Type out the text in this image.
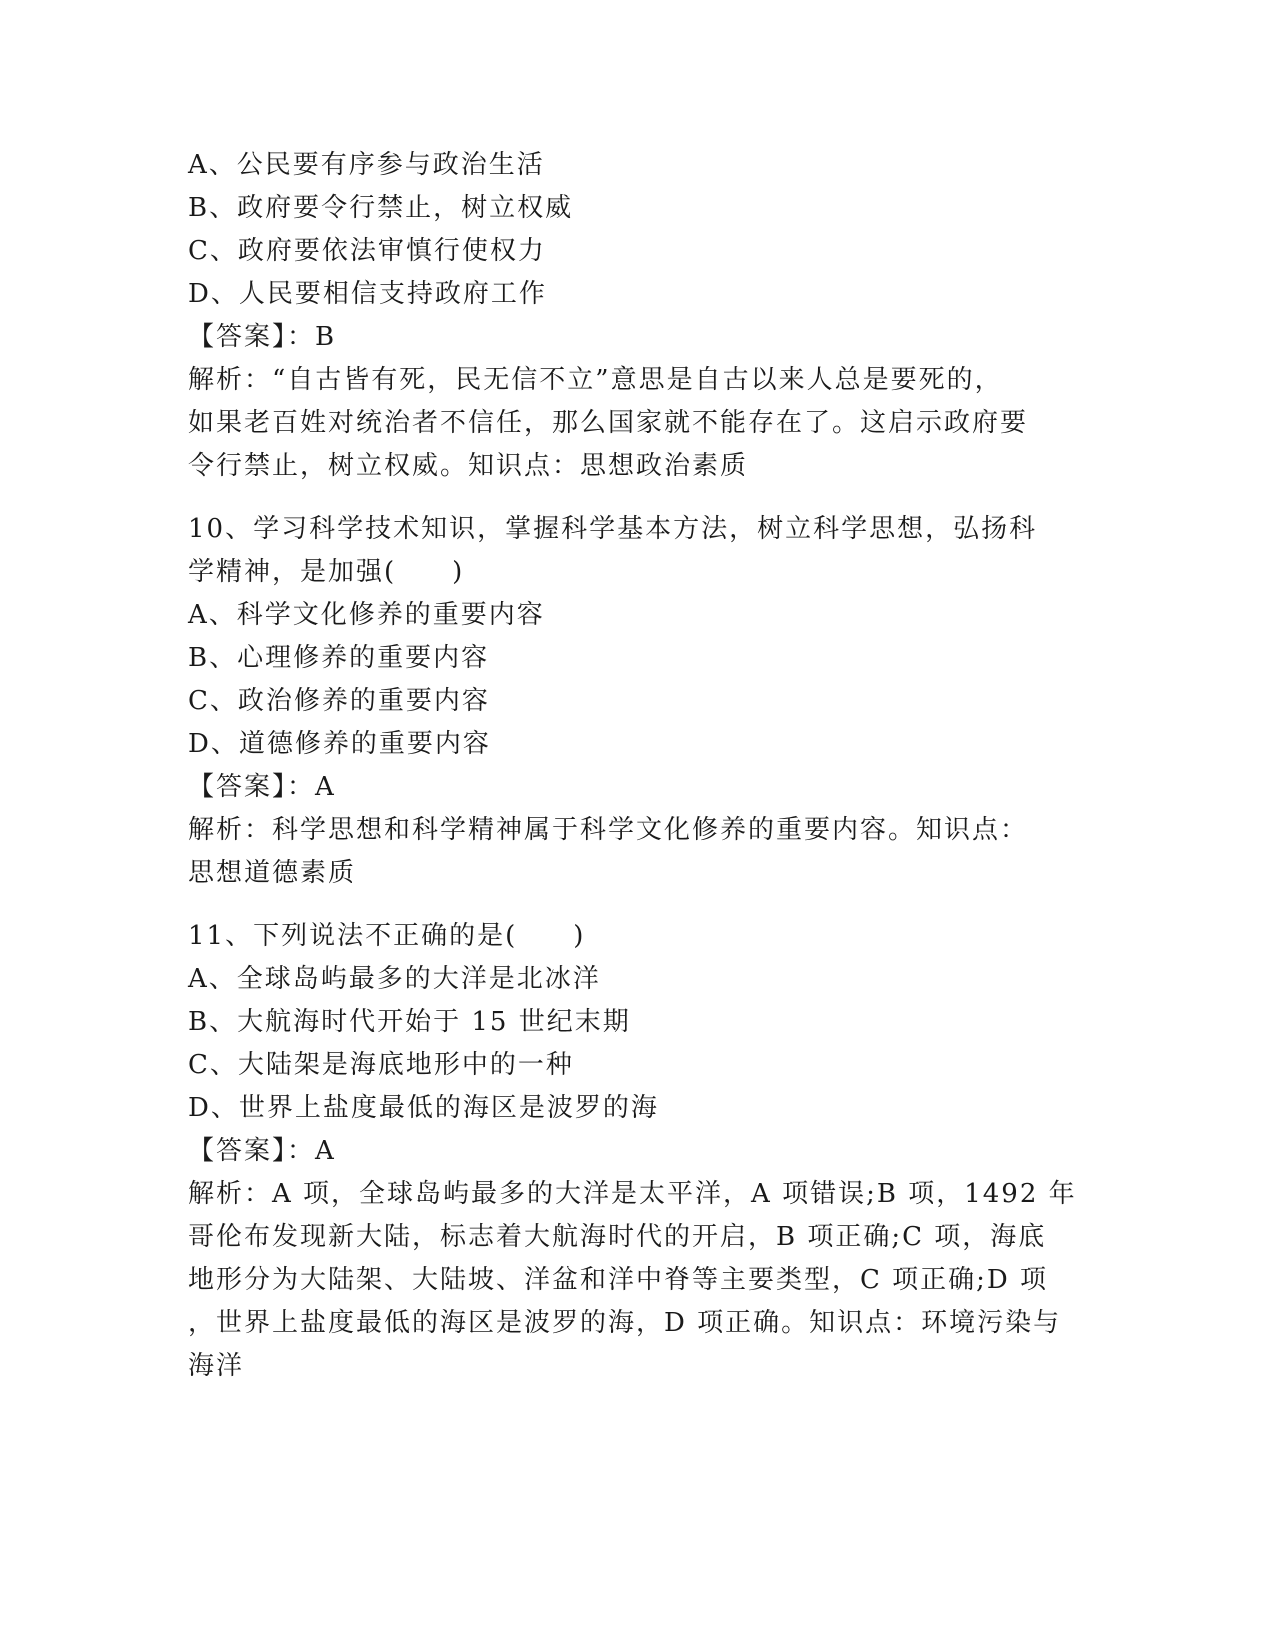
A、公民要有序参与政治生活
B、政府要令行禁止，树立权威
C、政府要依法审慎行使权力
D、人民要相信支持政府工作
【答案】：B
解析：“自古皆有死，民无信不立”意思是自古以来人总是要死的，
如果老百姓对统治者不信任，那么国家就不能存在了。这启示政府要
令行禁止，树立权威。知识点：思想政治素质
10、学习科学技术知识，掌握科学基本方法，树立科学思想，弘扬科
学精神，是加强(　　)
A、科学文化修养的重要内容
B、心理修养的重要内容
C、政治修养的重要内容
D、道德修养的重要内容
【答案】：A
解析：科学思想和科学精神属于科学文化修养的重要内容。知识点：
思想道德素质
11、下列说法不正确的是(　　)
A、全球岛屿最多的大洋是北冰洋
B、大航海时代开始于 15 世纪末期
C、大陆架是海底地形中的一种
D、世界上盐度最低的海区是波罗的海
【答案】：A
解析：A 项，全球岛屿最多的大洋是太平洋，A 项错误;B 项，1492 年
哥伦布发现新大陆，标志着大航海时代的开启，B 项正确;C 项，海底
地形分为大陆架、大陆坡、洋盆和洋中脊等主要类型，C 项正确;D 项
，世界上盐度最低的海区是波罗的海，D 项正确。知识点：环境污染与
海洋
